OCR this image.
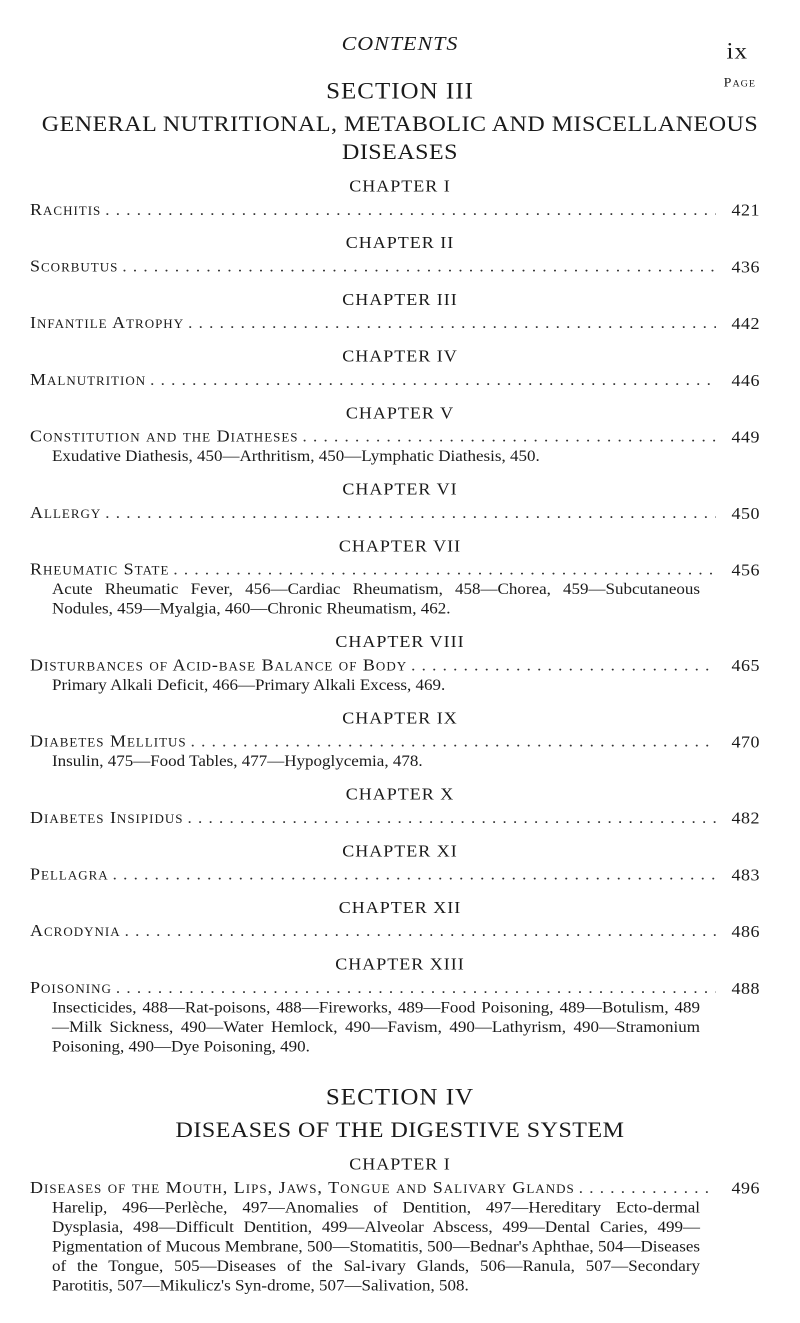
CONTENTS	ix
Page
SECTION III
GENERAL NUTRITIONAL, METABOLIC AND MISCELLANEOUS DISEASES
CHAPTER I
Rachitis . . .	421
CHAPTER II
Scorbutus . . .	436
CHAPTER III
Infantile Atrophy . . .	442
CHAPTER IV
Malnutrition . . .	446
CHAPTER V
Constitution and the Diatheses . . .	449
Exudative Diathesis, 450—Arthritism, 450—Lymphatic Diathesis, 450.
CHAPTER VI
Allergy . . .	450
CHAPTER VII
Rheumatic State . . .	456
Acute Rheumatic Fever, 456—Cardiac Rheumatism, 458—Chorea, 459—Subcutaneous Nodules, 459—Myalgia, 460—Chronic Rheumatism, 462.
CHAPTER VIII
Disturbances of Acid-base Balance of Body . . .	465
Primary Alkali Deficit, 466—Primary Alkali Excess, 469.
CHAPTER IX
Diabetes Mellitus . . .	470
Insulin, 475—Food Tables, 477—Hypoglycemia, 478.
CHAPTER X
Diabetes Insipidus . . .	482
CHAPTER XI
Pellagra . . .	483
CHAPTER XII
Acrodynia . . .	486
CHAPTER XIII
Poisoning . . .	488
Insecticides, 488—Rat-poisons, 488—Fireworks, 489—Food Poisoning, 489—Botulism, 489—Milk Sickness, 490—Water Hemlock, 490—Favism, 490—Lathyrism, 490—Stramonium Poisoning, 490—Dye Poisoning, 490.
SECTION IV
DISEASES OF THE DIGESTIVE SYSTEM
CHAPTER I
Diseases of the Mouth, Lips, Jaws, Tongue and Salivary Glands . . .	496
Harelip, 496—Perlèche, 497—Anomalies of Dentition, 497—Hereditary Ecto-dermal Dysplasia, 498—Difficult Dentition, 499—Alveolar Abscess, 499—Dental Caries, 499—Pigmentation of Mucous Membrane, 500—Stomatitis, 500—Bednar's Aphthae, 504—Diseases of the Tongue, 505—Diseases of the Sal-ivary Glands, 506—Ranula, 507—Secondary Parotitis, 507—Mikulicz's Syn-drome, 507—Salivation, 508.
